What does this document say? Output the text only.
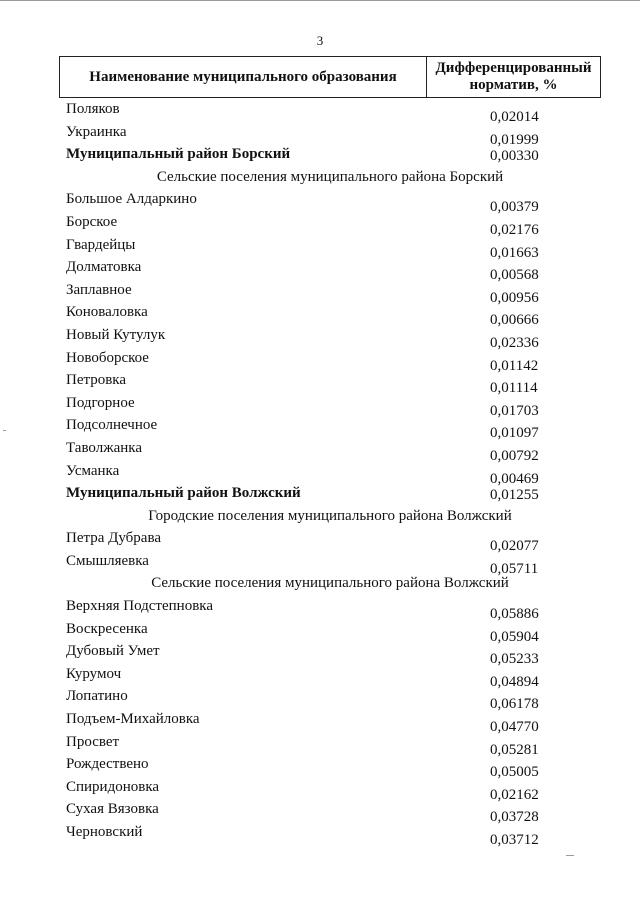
3
Наименование муниципального образования
Дифференцированный
норматив, %
Поляков	0,02014
Украинка	0,01999
Муниципальный район Борский	0,00330
Сельские поселения муниципального района Борский
Большое Алдаркино	0,00379
Борское	0,02176
Гвардейцы	0,01663
Долматовка	0,00568
Заплавное	0,00956
Коноваловка	0,00666
Новый Кутулук	0,02336
Новоборское	0,01142
Петровка	0,01114
Подгорное	0,01703
Подсолнечное	0,01097
Таволжанка	0,00792
Усманка	0,00469
Муниципальный район Волжский	0,01255
Городские поселения муниципального района Волжский
Петра Дубрава	0,02077
Смышляевка	0,05711
Сельские поселения муниципального района Волжский
Верхняя Подстепновка	0,05886
Воскресенка	0,05904
Дубовый Умет	0,05233
Курумоч	0,04894
Лопатино	0,06178
Подъем-Михайловка	0,04770
Просвет	0,05281
Рождествено	0,05005
Спиридоновка	0,02162
Сухая Вязовка	0,03728
Черновский	0,03712
